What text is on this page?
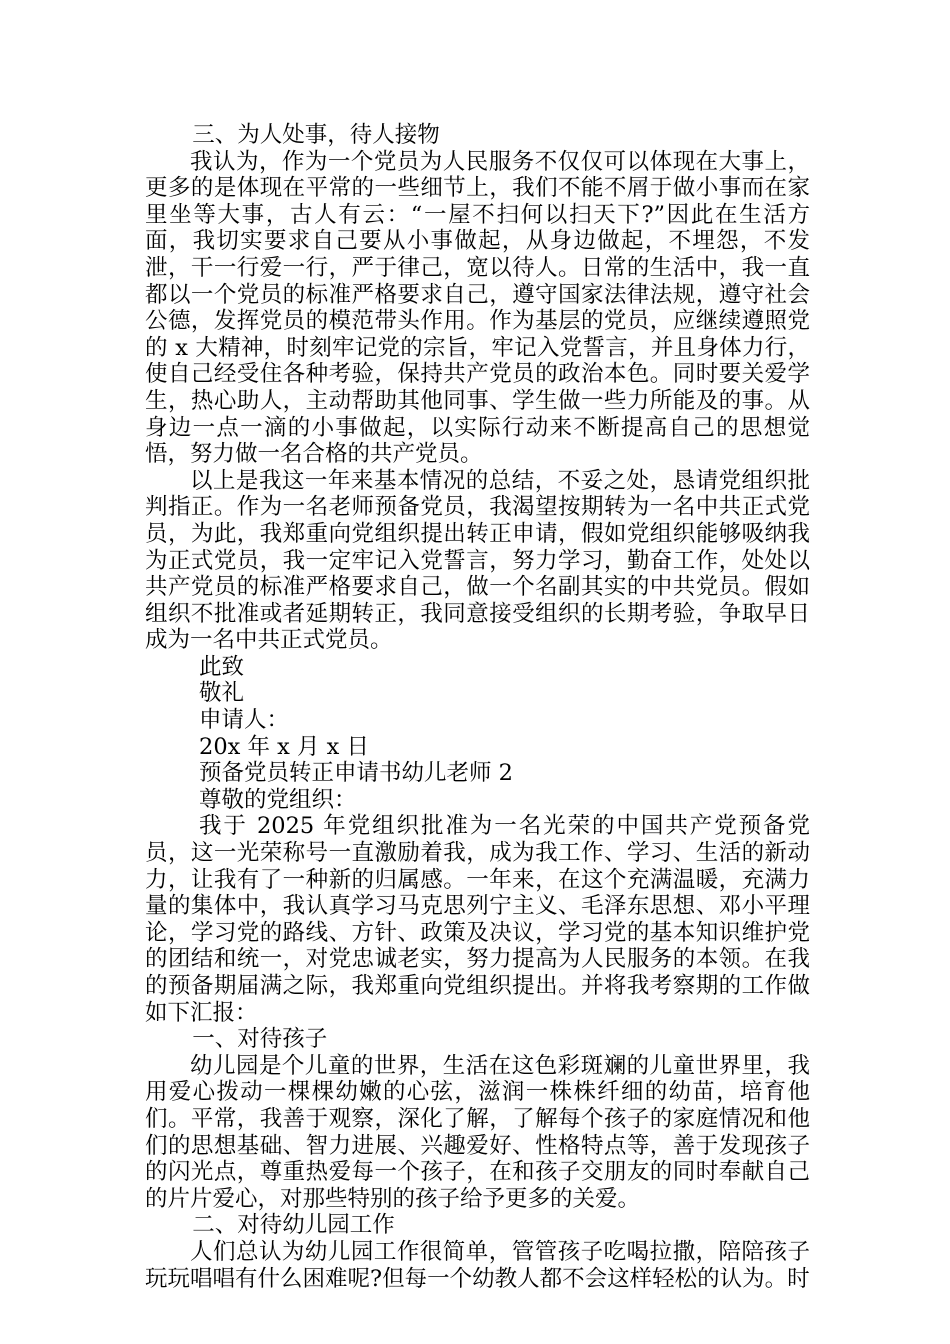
三、为人处事，待人接物

我认为，作为一个党员为人民服务不仅仅可以体现在大事上，更多的是体现在平常的一些细节上，我们不能不屑于做小事而在家里坐等大事，古人有云：“一屋不扫何以扫天下?”因此在生活方面，我切实要求自己要从小事做起，从身边做起，不埋怨，不发泄，干一行爱一行，严于律己，宽以待人。日常的生活中，我一直都以一个党员的标准严格要求自己，遵守国家法律法规，遵守社会公德，发挥党员的模范带头作用。作为基层的党员，应继续遵照党的 x 大精神，时刻牢记党的宗旨，牢记入党誓言，并且身体力行，使自己经受住各种考验，保持共产党员的政治本色。同时要关爱学生，热心助人，主动帮助其他同事、学生做一些力所能及的事。从身边一点一滴的小事做起，以实际行动来不断提高自己的思想觉悟，努力做一名合格的共产党员。

以上是我这一年来基本情况的总结，不妥之处，恳请党组织批判指正。作为一名老师预备党员，我渴望按期转为一名中共正式党员，为此，我郑重向党组织提出转正申请，假如党组织能够吸纳我为正式党员，我一定牢记入党誓言，努力学习，勤奋工作，处处以共产党员的标准严格要求自己，做一个名副其实的中共党员。假如组织不批准或者延期转正，我同意接受组织的长期考验，争取早日成为一名中共正式党员。

此致

敬礼

申请人：

20x 年 x 月 x 日

预备党员转正申请书幼儿老师 2

尊敬的党组织：

我于 2025 年党组织批准为一名光荣的中国共产党预备党员，这一光荣称号一直激励着我，成为我工作、学习、生活的新动力，让我有了一种新的归属感。一年来，在这个充满温暖，充满力量的集体中，我认真学习马克思列宁主义、毛泽东思想、邓小平理论，学习党的路线、方针、政策及决议，学习党的基本知识维护党的团结和统一，对党忠诚老实，努力提高为人民服务的本领。在我的预备期届满之际，我郑重向党组织提出。并将我考察期的工作做如下汇报：

一、对待孩子

幼儿园是个儿童的世界，生活在这色彩斑斓的儿童世界里，我用爱心拨动一棵棵幼嫩的心弦，滋润一株株纤细的幼苗，培育他们。平常，我善于观察，深化了解，了解每个孩子的家庭情况和他们的思想基础、智力进展、兴趣爱好、性格特点等，善于发现孩子的闪光点，尊重热爱每一个孩子，在和孩子交朋友的同时奉献自己的片片爱心，对那些特别的孩子给予更多的关爱。

二、对待幼儿园工作

人们总认为幼儿园工作很简单，管管孩子吃喝拉撒，陪陪孩子玩玩唱唱有什么困难呢?但每一个幼教人都不会这样轻松的认为。时
